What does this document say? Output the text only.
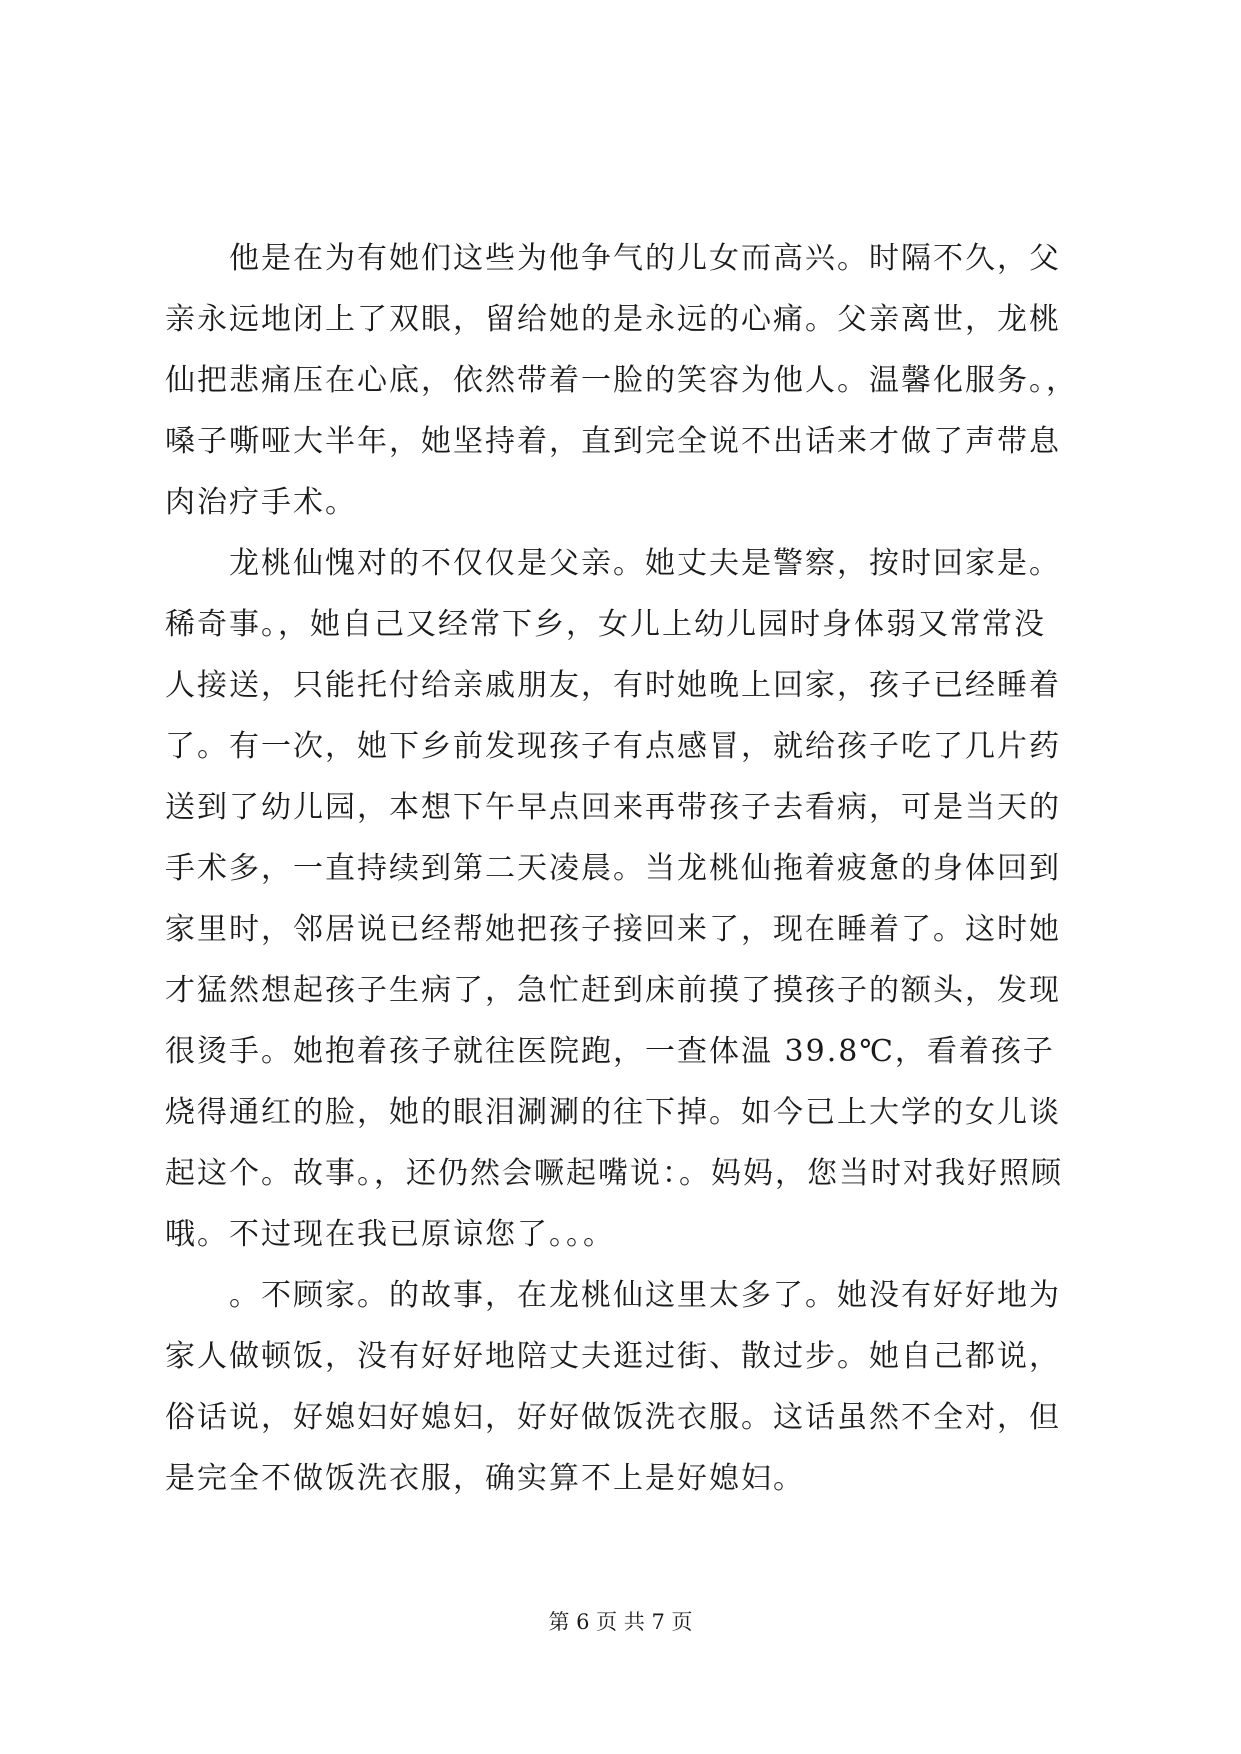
　　他是在为有她们这些为他争气的儿女而高兴。时隔不久，父
亲永远地闭上了双眼，留给她的是永远的心痛。父亲离世，龙桃
仙把悲痛压在心底，依然带着一脸的笑容为他人。温馨化服务。，
嗓子嘶哑大半年，她坚持着，直到完全说不出话来才做了声带息
肉治疗手术。
　　龙桃仙愧对的不仅仅是父亲。她丈夫是警察，按时回家是。
稀奇事。，她自己又经常下乡，女儿上幼儿园时身体弱又常常没
人接送，只能托付给亲戚朋友，有时她晚上回家，孩子已经睡着
了。有一次，她下乡前发现孩子有点感冒，就给孩子吃了几片药
送到了幼儿园，本想下午早点回来再带孩子去看病，可是当天的
手术多，一直持续到第二天凌晨。当龙桃仙拖着疲惫的身体回到
家里时，邻居说已经帮她把孩子接回来了，现在睡着了。这时她
才猛然想起孩子生病了，急忙赶到床前摸了摸孩子的额头，发现
很烫手。她抱着孩子就往医院跑，一查体温 39.8℃，看着孩子
烧得通红的脸，她的眼泪涮涮的往下掉。如今已上大学的女儿谈
起这个。故事。，还仍然会噘起嘴说：。妈妈，您当时对我好照顾
哦。不过现在我已原谅您了。。。
　　。不顾家。的故事，在龙桃仙这里太多了。她没有好好地为
家人做顿饭，没有好好地陪丈夫逛过街、散过步。她自己都说，
俗话说，好媳妇好媳妇，好好做饭洗衣服。这话虽然不全对，但
是完全不做饭洗衣服，确实算不上是好媳妇。
第 6 页 共 7 页
